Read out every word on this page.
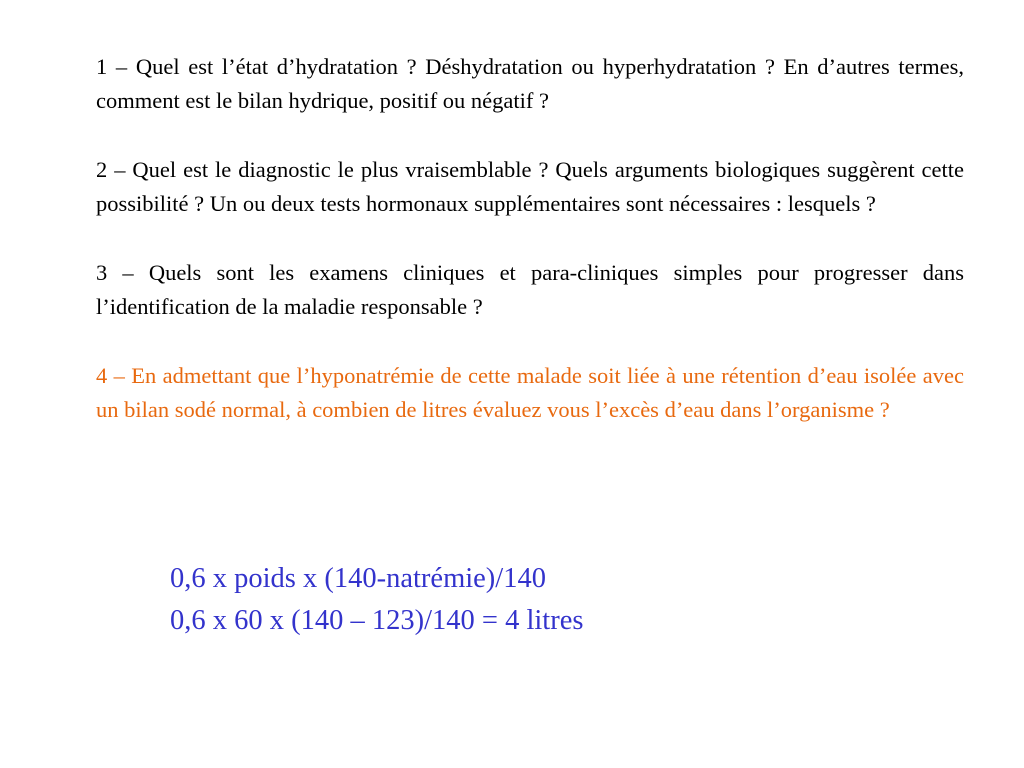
1 – Quel est l’état d’hydratation ? Déshydratation ou hyperhydratation ? En d’autres termes, comment est le bilan hydrique, positif ou négatif ?

2 – Quel est le diagnostic le plus vraisemblable ? Quels arguments biologiques suggèrent cette possibilité ? Un ou deux tests hormonaux supplémentaires sont nécessaires : lesquels ?

3 – Quels sont les examens cliniques et para-cliniques simples pour progresser dans l’identification de la maladie responsable ?

4 – En admettant que l’hyponatrémie de cette malade soit liée à une rétention d’eau isolée avec un bilan sodé normal, à combien de litres évaluez vous l’excès d’eau dans l’organisme ?

0,6 x poids x (140-natrémie)/140
0,6 x 60 x (140 – 123)/140 = 4 litres
